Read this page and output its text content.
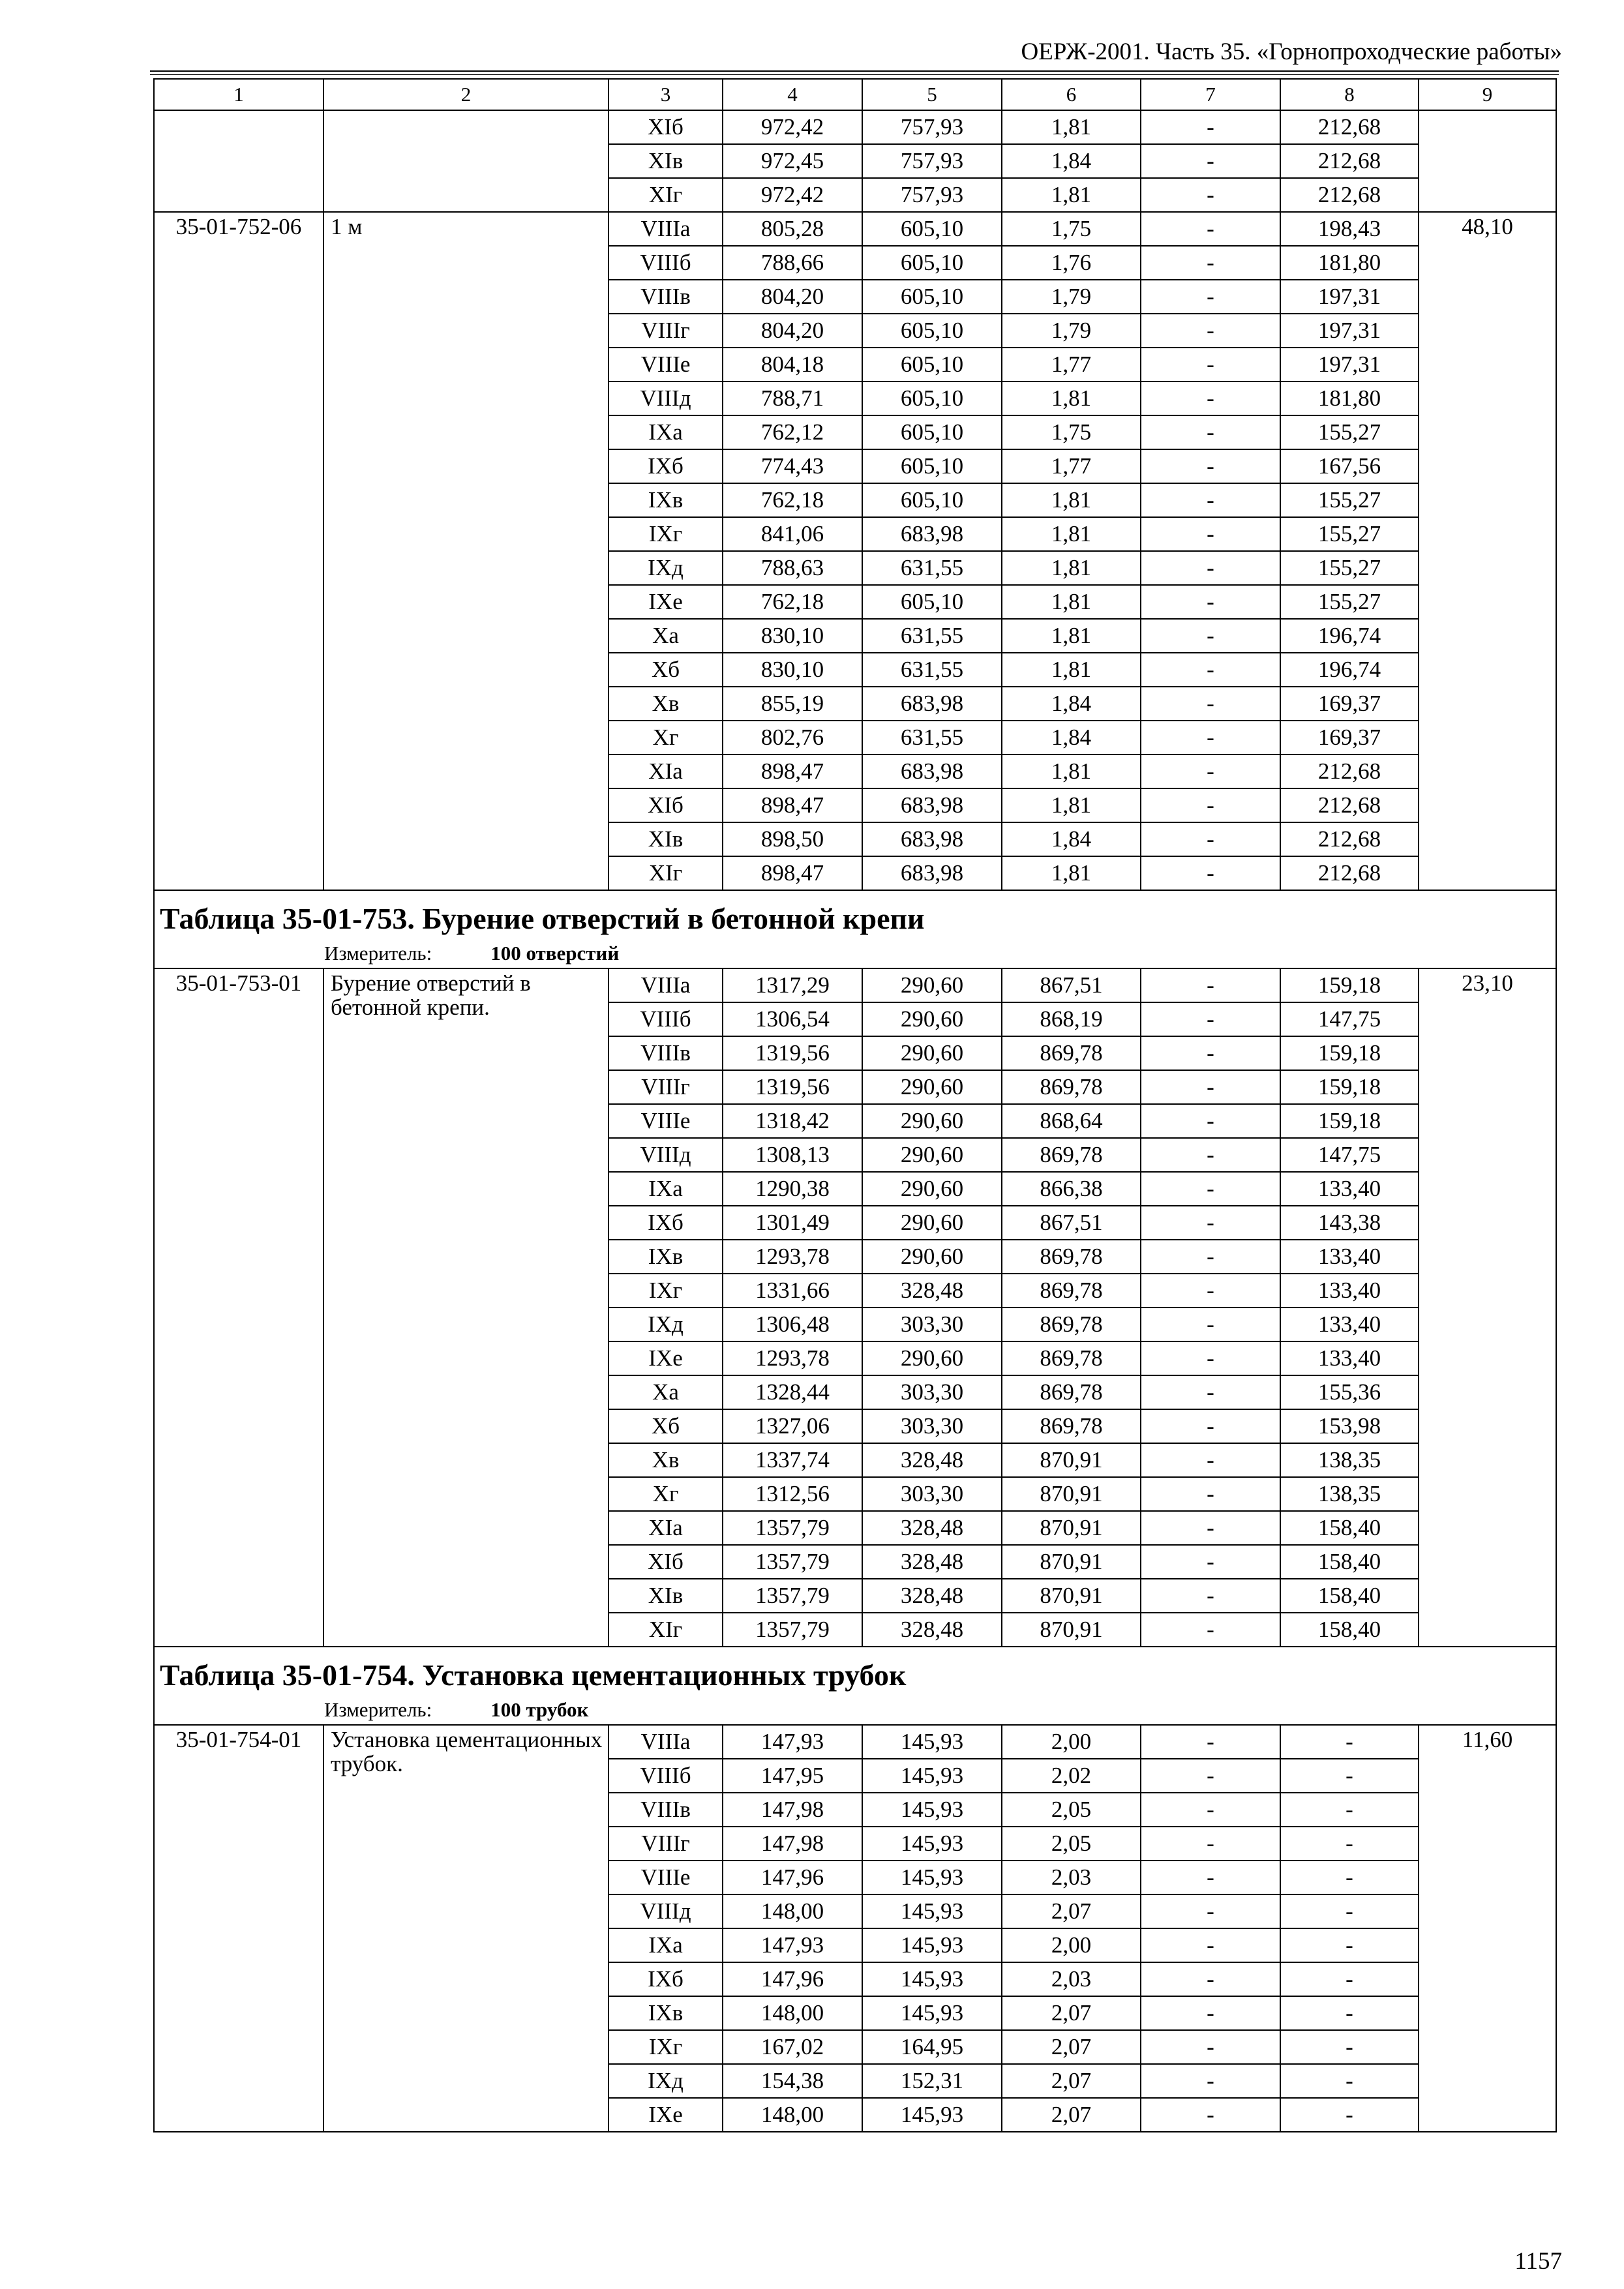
ОЕРЖ-2001. Часть 35. «Горнопроходческие работы»
1	2	3	4	5	6	7	8	9
		XIб	972,42	757,93	1,81	-	212,68	
		XIв	972,45	757,93	1,84	-	212,68	
		XIг	972,42	757,93	1,81	-	212,68	
35-01-752-06	1 м	VIIIа	805,28	605,10	1,75	-	198,43	48,10
		VIIIб	788,66	605,10	1,76	-	181,80	
		VIIIв	804,20	605,10	1,79	-	197,31	
		VIIIг	804,20	605,10	1,79	-	197,31	
		VIIIе	804,18	605,10	1,77	-	197,31	
		VIIIд	788,71	605,10	1,81	-	181,80	
		IXа	762,12	605,10	1,75	-	155,27	
		IXб	774,43	605,10	1,77	-	167,56	
		IXв	762,18	605,10	1,81	-	155,27	
		IXг	841,06	683,98	1,81	-	155,27	
		IXд	788,63	631,55	1,81	-	155,27	
		IXе	762,18	605,10	1,81	-	155,27	
		Xа	830,10	631,55	1,81	-	196,74	
		Xб	830,10	631,55	1,81	-	196,74	
		Xв	855,19	683,98	1,84	-	169,37	
		Xг	802,76	631,55	1,84	-	169,37	
		XIа	898,47	683,98	1,81	-	212,68	
		XIб	898,47	683,98	1,81	-	212,68	
		XIв	898,50	683,98	1,84	-	212,68	
		XIг	898,47	683,98	1,81	-	212,68	
Таблица 35-01-753. Бурение отверстий в бетонной крепи								
Измеритель: 100 отверстий								
35-01-753-01	Бурение отверстий в бетонной крепи.	VIIIа	1317,29	290,60	867,51	-	159,18	23,10
		VIIIб	1306,54	290,60	868,19	-	147,75	
		VIIIв	1319,56	290,60	869,78	-	159,18	
		VIIIг	1319,56	290,60	869,78	-	159,18	
		VIIIе	1318,42	290,60	868,64	-	159,18	
		VIIIд	1308,13	290,60	869,78	-	147,75	
		IXа	1290,38	290,60	866,38	-	133,40	
		IXб	1301,49	290,60	867,51	-	143,38	
		IXв	1293,78	290,60	869,78	-	133,40	
		IXг	1331,66	328,48	869,78	-	133,40	
		IXд	1306,48	303,30	869,78	-	133,40	
		IXе	1293,78	290,60	869,78	-	133,40	
		Xа	1328,44	303,30	869,78	-	155,36	
		Xб	1327,06	303,30	869,78	-	153,98	
		Xв	1337,74	328,48	870,91	-	138,35	
		Xг	1312,56	303,30	870,91	-	138,35	
		XIа	1357,79	328,48	870,91	-	158,40	
		XIб	1357,79	328,48	870,91	-	158,40	
		XIв	1357,79	328,48	870,91	-	158,40	
		XIг	1357,79	328,48	870,91	-	158,40	
Таблица 35-01-754. Установка цементационных трубок								
Измеритель: 100 трубок								
35-01-754-01	Установка цементационных трубок.	VIIIа	147,93	145,93	2,00	-	-	11,60
		VIIIб	147,95	145,93	2,02	-	-	
		VIIIв	147,98	145,93	2,05	-	-	
		VIIIг	147,98	145,93	2,05	-	-	
		VIIIе	147,96	145,93	2,03	-	-	
		VIIIд	148,00	145,93	2,07	-	-	
		IXа	147,93	145,93	2,00	-	-	
		IXб	147,96	145,93	2,03	-	-	
		IXв	148,00	145,93	2,07	-	-	
		IXг	167,02	164,95	2,07	-	-	
		IXд	154,38	152,31	2,07	-	-	
		IXе	148,00	145,93	2,07	-	-	
1157
